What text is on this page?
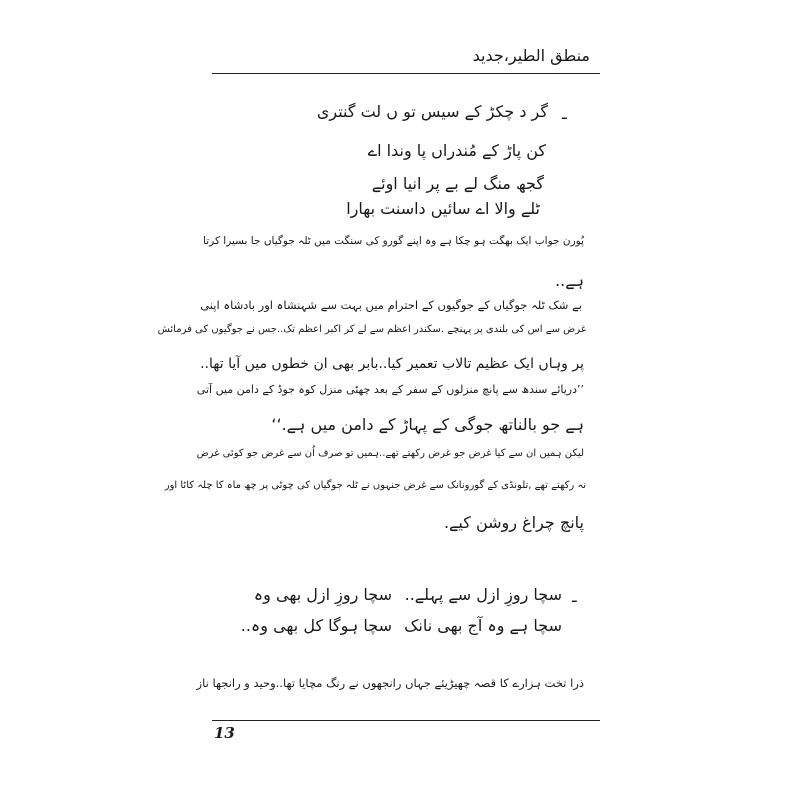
منطق الطیر،جدید
ـ
گر د چکڑ کے سیس تو ں لت گنتری
کن پاڑ کے مُندراں پا وندا اے
گجھ منگ لے بے پر انیا اوئے
ٹلے والا اے سائیں داسنت بھارا
پُورن جواب ایک بھگت ہو چکا ہے وہ اپنے گورو کی سنگت میں ٹلہ جوگیاں جا بسیرا کرتا
ہے..
بے شک ٹلہ جوگیاں کے جوگیوں کے احترام میں بہت سے شہنشاہ اور بادشاہ اپنی
غرض سے اس کی بلندی پر پہنچے .سکندر اعظم سے لے کر اکبر اعظم تک..جس نے جوگیوں کی فرمائش
پر وہاں ایک عظیم تالاب تعمیر کیا..بابر بھی ان خطوں میں آیا تھا..
’’دریائے سندھ سے پانچ منزلوں کے سفر کے بعد چھٹی منزل کوہ جوڈ کے دامن میں آتی
ہے جو بالناتھ جوگی کے پہاڑ کے دامن میں ہے.‘‘
لیکن ہمیں ان سے کیا غرض جو غرض رکھتے تھے..ہمیں تو صرف اُن سے غرض جو کوئی غرض
نہ رکھتے تھے ,تلونڈی کے گورونانک سے غرض جنہوں نے ٹلہ جوگیاں کی چوٹی پر چھ ماہ کا چلہ کاٹا اور
پانچ چراغ روشن کیے.
ـ
سچا روزِ ازل سے پہلے..
سچا روزِ ازل بھی وہ
سچا ہے وہ آج بھی نانک
سچا ہوگا کل بھی وہ..
ذرا تخت ہزارے کا قصہ چھیڑیئے جہاں رانجھوں نے رنگ مچایا تھا..وحید و رانجھا ناز
13
